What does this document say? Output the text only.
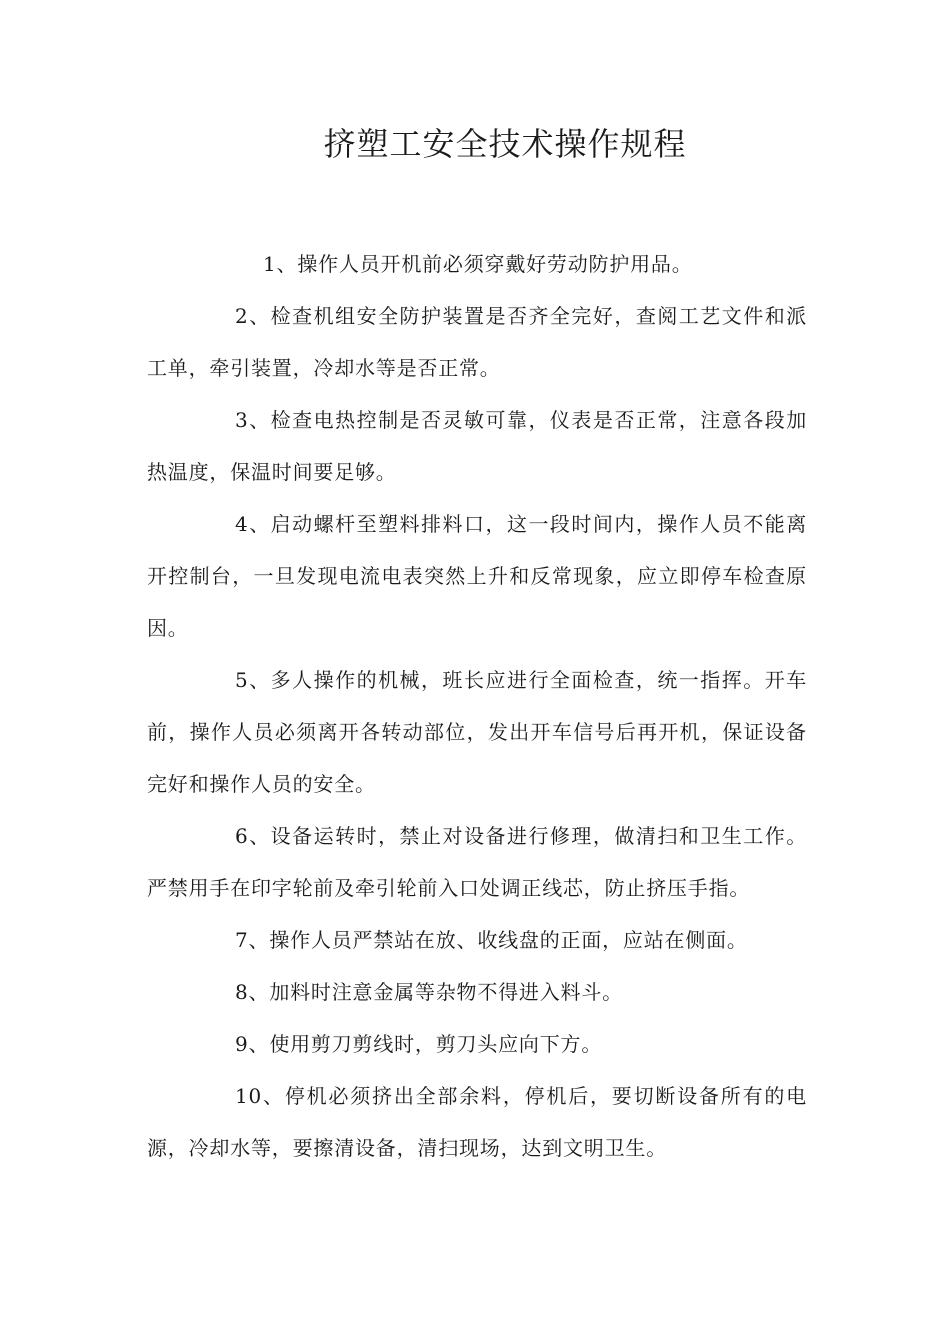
挤塑工安全技术操作规程

1、操作人员开机前必须穿戴好劳动防护用品。

2、检查机组安全防护装置是否齐全完好，查阅工艺文件和派工单，牵引装置，冷却水等是否正常。

3、检查电热控制是否灵敏可靠，仪表是否正常，注意各段加热温度，保温时间要足够。

4、启动螺杆至塑料排料口，这一段时间内，操作人员不能离开控制台，一旦发现电流电表突然上升和反常现象，应立即停车检查原因。

5、多人操作的机械，班长应进行全面检查，统一指挥。开车前，操作人员必须离开各转动部位，发出开车信号后再开机，保证设备完好和操作人员的安全。

6、设备运转时，禁止对设备进行修理，做清扫和卫生工作。严禁用手在印字轮前及牵引轮前入口处调正线芯，防止挤压手指。

7、操作人员严禁站在放、收线盘的正面，应站在侧面。

8、加料时注意金属等杂物不得进入料斗。

9、使用剪刀剪线时，剪刀头应向下方。

10、停机必须挤出全部余料，停机后，要切断设备所有的电源，冷却水等，要擦清设备，清扫现场，达到文明卫生。
